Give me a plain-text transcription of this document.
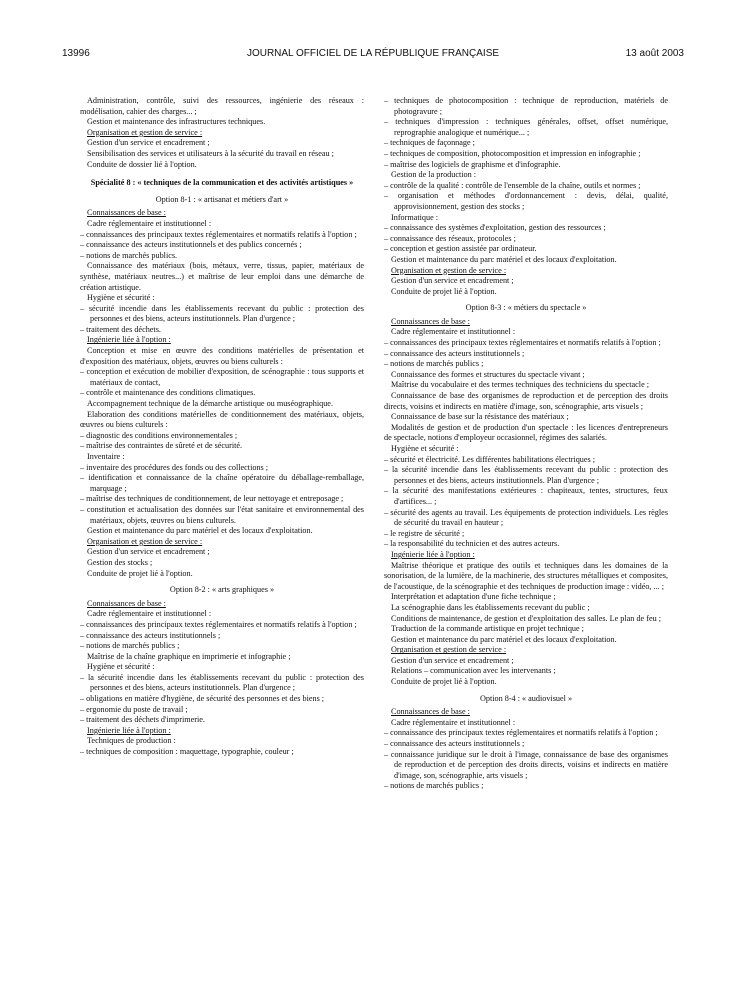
13996	JOURNAL OFFICIEL DE LA RÉPUBLIQUE FRANÇAISE	13 août 2003

Administration, contrôle, suivi des ressources, ingénierie des réseaux : modélisation, cahier des charges... ;

Gestion et maintenance des infrastructures techniques.

Organisation et gestion de service :

Gestion d'un service et encadrement ;

Sensibilisation des services et utilisateurs à la sécurité du travail en réseau ;

Conduite de dossier lié à l'option.

Spécialité 8 : « techniques de la communication et des activités artistiques »

Option 8-1 : « artisanat et métiers d'art »

Connaissances de base :

Cadre réglementaire et institutionnel :

– connaissances des principaux textes réglementaires et normatifs relatifs à l'option ;

– connaissance des acteurs institutionnels et des publics concernés ;

– notions de marchés publics.

Connaissance des matériaux (bois, métaux, verre, tissus, papier, matériaux de synthèse, matériaux neutres...) et maîtrise de leur emploi dans une démarche de création artistique.

Hygiène et sécurité :

– sécurité incendie dans les établissements recevant du public : protection des personnes et des biens, acteurs institutionnels. Plan d'urgence ;

– traitement des déchets.

Ingénierie liée à l'option :

Conception et mise en œuvre des conditions matérielles de présentation et d'exposition des matériaux, objets, œuvres ou biens culturels :

– conception et exécution de mobilier d'exposition, de scénographie : tous supports et matériaux de contact,

– contrôle et maintenance des conditions climatiques.

Accompagnement technique de la démarche artistique ou muséographique.

Elaboration des conditions matérielles de conditionnement des matériaux, objets, œuvres ou biens culturels :

– diagnostic des conditions environnementales ;

– maîtrise des contraintes de sûreté et de sécurité.

Inventaire :

– inventaire des procédures des fonds ou des collections ;

– identification et connaissance de la chaîne opératoire du déballage-remballage, marquage ;

– maîtrise des techniques de conditionnement, de leur nettoyage et entreposage ;

– constitution et actualisation des données sur l'état sanitaire et environnemental des matériaux, objets, œuvres ou biens culturels.

Gestion et maintenance du parc matériel et des locaux d'exploitation.

Organisation et gestion de service :

Gestion d'un service et encadrement ;

Gestion des stocks ;

Conduite de projet lié à l'option.

Option 8-2 : « arts graphiques »

Connaissances de base :

Cadre réglementaire et institutionnel :

– connaissances des principaux textes réglementaires et normatifs relatifs à l'option ;

– connaissance des acteurs institutionnels ;

– notions de marchés publics ;

Maîtrise de la chaîne graphique en imprimerie et infographie ;

Hygiène et sécurité :

– la sécurité incendie dans les établissements recevant du public : protection des personnes et des biens, acteurs institutionnels. Plan d'urgence ;

– obligations en matière d'hygiène, de sécurité des personnes et des biens ;

– ergonomie du poste de travail ;

– traitement des déchets d'imprimerie.

Ingénierie liée à l'option :

Techniques de production :

– techniques de composition : maquettage, typographie, couleur ;

– techniques de photocomposition : technique de reproduction, matériels de photogravure ;

– techniques d'impression : techniques générales, offset, offset numérique, reprographie analogique et numérique... ;

– techniques de façonnage ;

– techniques de composition, photocomposition et impression en infographie ;

– maîtrise des logiciels de graphisme et d'infographie.

Gestion de la production :

– contrôle de la qualité : contrôle de l'ensemble de la chaîne, outils et normes ;

– organisation et méthodes d'ordonnancement : devis, délai, qualité, approvisionnement, gestion des stocks ;

Informatique :

– connaissance des systèmes d'exploitation, gestion des ressources ;

– connaissance des réseaux, protocoles ;

– conception et gestion assistée par ordinateur.

Gestion et maintenance du parc matériel et des locaux d'exploitation.

Organisation et gestion de service :

Gestion d'un service et encadrement ;

Conduite de projet lié à l'option.

Option 8-3 : « métiers du spectacle »

Connaissances de base :

Cadre réglementaire et institutionnel :

– connaissances des principaux textes réglementaires et normatifs relatifs à l'option ;

– connaissance des acteurs institutionnels ;

– notions de marchés publics ;

Connaissance des formes et structures du spectacle vivant ;

Maîtrise du vocabulaire et des termes techniques des techniciens du spectacle ;

Connaissance de base des organismes de reproduction et de perception des droits directs, voisins et indirects en matière d'image, son, scénographie, arts visuels ;

Connaissance de base sur la résistance des matériaux ;

Modalités de gestion et de production d'un spectacle : les licences d'entrepreneurs de spectacle, notions d'employeur occasionnel, régimes des salariés.

Hygiène et sécurité :

– sécurité et électricité. Les différentes habilitations électriques ;

– la sécurité incendie dans les établissements recevant du public : protection des personnes et des biens, acteurs institutionnels. Plan d'urgence ;

– la sécurité des manifestations extérieures : chapiteaux, tentes, structures, feux d'artifices... ;

– sécurité des agents au travail. Les équipements de protection individuels. Les règles de sécurité du travail en hauteur ;

– le registre de sécurité ;

– la responsabilité du technicien et des autres acteurs.

Ingénierie liée à l'option :

Maîtrise théorique et pratique des outils et techniques dans les domaines de la sonorisation, de la lumière, de la machinerie, des structures métalliques et composites, de l'acoustique, de la scénographie et des techniques de production image : vidéo, ... ;

Interprétation et adaptation d'une fiche technique ;

La scénographie dans les établissements recevant du public ;

Conditions de maintenance, de gestion et d'exploitation des salles. Le plan de feu ;

Traduction de la commande artistique en projet technique ;

Gestion et maintenance du parc matériel et des locaux d'exploitation.

Organisation et gestion de service :

Gestion d'un service et encadrement ;

Relations – communication avec les intervenants ;

Conduite de projet lié à l'option.

Option 8-4 : « audiovisuel »

Connaissances de base :

Cadre réglementaire et institutionnel :

– connaissance des principaux textes réglementaires et normatifs relatifs à l'option ;

– connaissance des acteurs institutionnels ;

– connaissance juridique sur le droit à l'image, connaissance de base des organismes de reproduction et de perception des droits directs, voisins et indirects en matière d'image, son, scénographie, arts visuels ;

– notions de marchés publics ;
